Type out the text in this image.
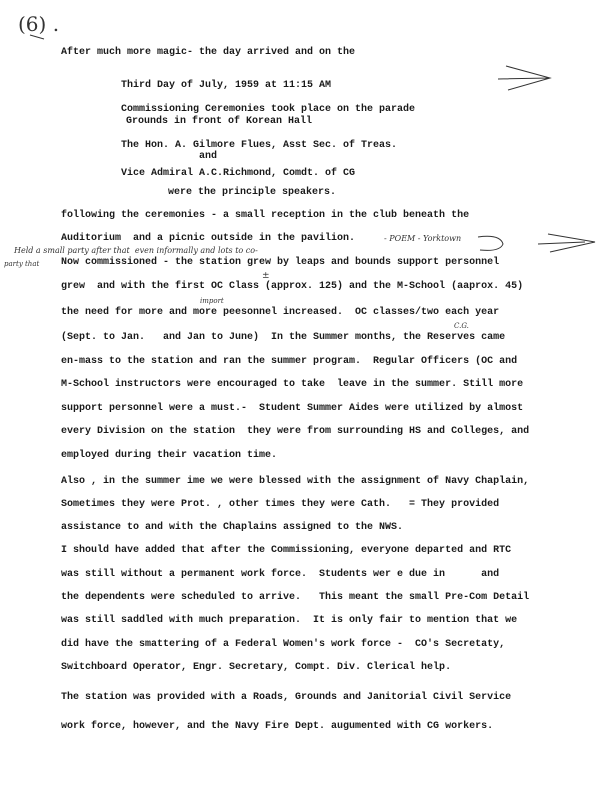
(6) .
After much more magic- the day arrived and on the
Third Day of July, 1959 at 11:15 AM
Commissioning Ceremonies took place on the parade
Grounds in front of Korean Hall
The Hon. A. Gilmore Flues, Asst Sec. of Treas.
and
Vice Admiral A.C.Richmond, Comdt. of CG
were the principle speakers.
following the ceremonies - a small reception in the club beneath the
Auditorium  and a picnic outside in the pavilion.
Now commissioned - the station grew by leaps and bounds support personnel
grew  and with the first OC Class (approx. 125) and the M-School (aaprox. 45)
the need for more and more peesonnel increased.  OC classes/two each year
(Sept. to Jan.   and Jan to June)  In the Summer months, the Reserves came
en-mass to the station and ran the summer program.  Regular Officers (OC and
M-School instructors were encouraged to take  leave in the summer. Still more
support personnel were a must.-  Student Summer Aides were utilized by almost
every Division on the station  they were from surrounding HS and Colleges, and
employed during their vacation time.
Also , in the summer ime we were blessed with the assignment of Navy Chaplain,
Sometimes they were Prot. , other times they were Cath.   = They provided
assistance to and with the Chaplains assigned to the NWS.
I should have added that after the Commissioning, everyone departed and RTC
was still without a permanent work force.  Students wer e due in      and
the dependents were scheduled to arrive.   This meant the small Pre-Com Detail
was still saddled with much preparation.  It is only fair to mention that we
did have the smattering of a Federal Women's work force -  CO's Secretaty,
Switchboard Operator, Engr. Secretary, Compt. Div. Clerical help.
The station was provided with a Roads, Grounds and Janitorial Civil Service
work force, however, and the Navy Fire Dept. augumented with CG workers.
Held a small party after that  even informally and lots to co-
party that
- POEM - Yorktown
import
±
C.G.
